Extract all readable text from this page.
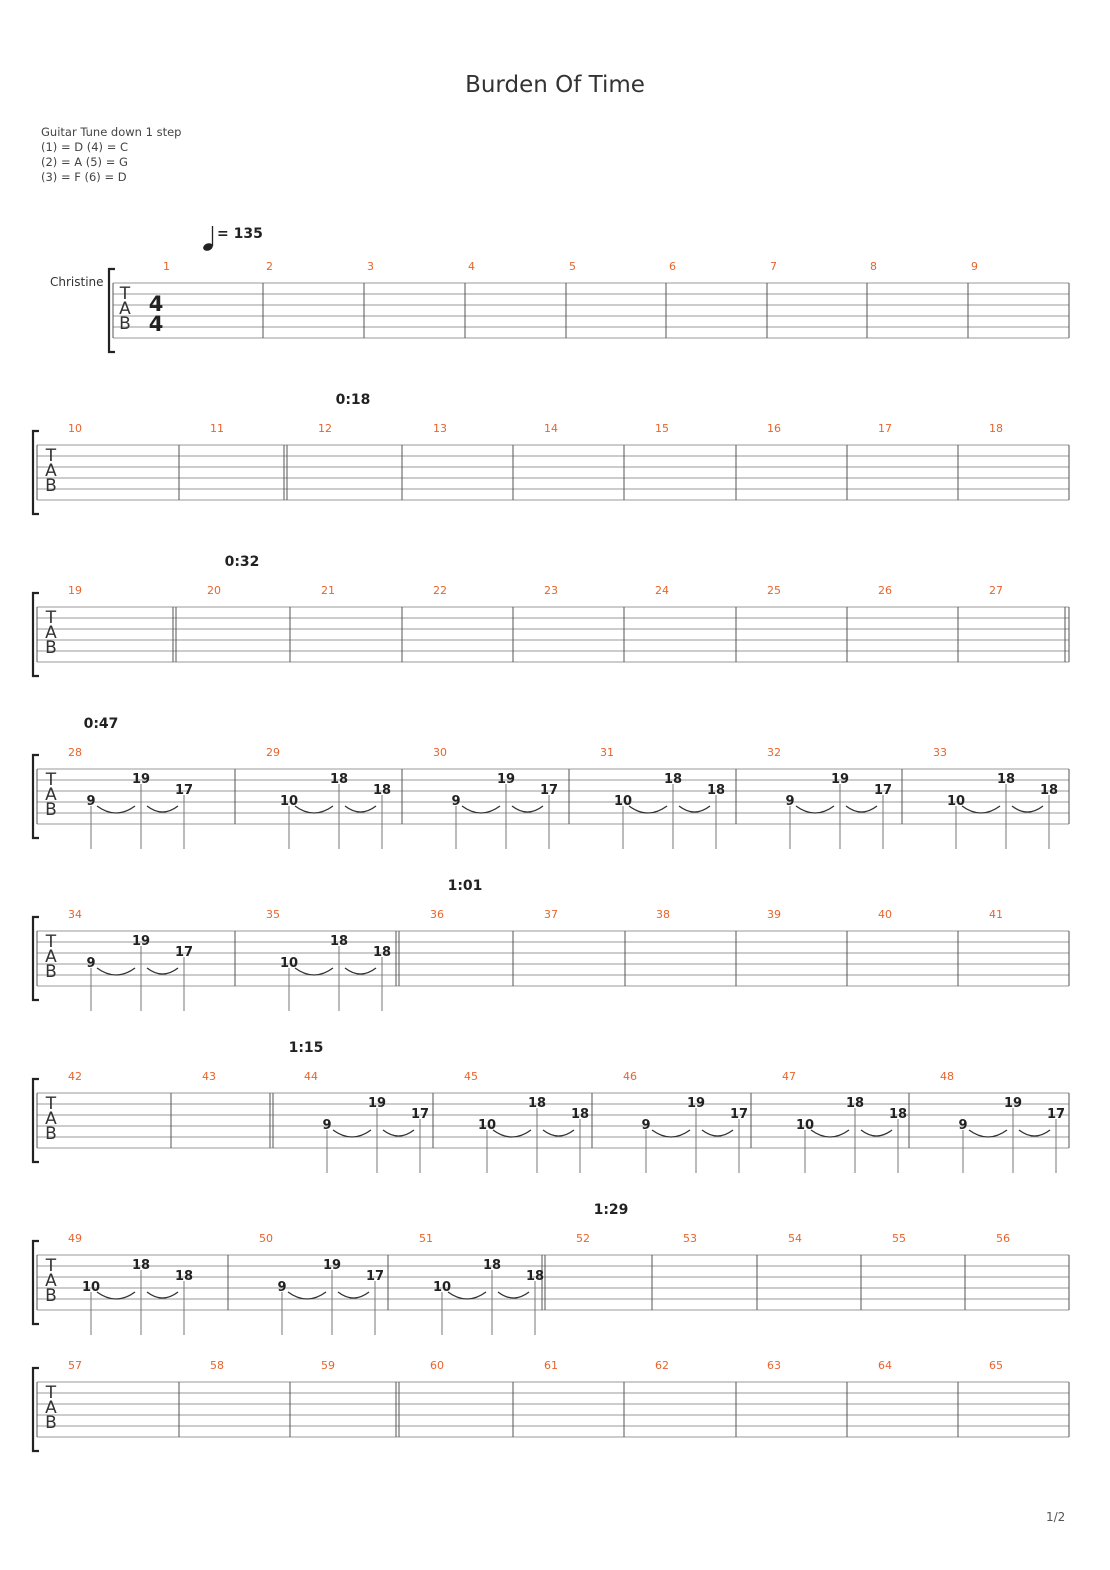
Burden Of Time
Guitar Tune down 1 step
(1) = D (4) = C
(2) = A (5) = G
(3) = F (6) = D
T
A
B
1	2	3	4	5	6	7	8	9
T
A
B
10	11	12	13	14	15	16	17	18
0:18
T
A
B
19	20	21	22	23	24	25	26	27
0:32
T
A
B
28	29	30	31	32	33
0:47
9
19
17
10
18
18
9
19
17
10
18
18
9
19
17
10
18
18
T
A
B
34	35	36	37	38	39	40	41
1:01
9
19
17
10
18
18
T
A
B
42	43	44	45	46	47	48
1:15
9
19
17
10
18
18
9
19
17
10
18
18
9
19
17
T
A
B
49	50	51	52	53	54	55	56
1:29
10
18
18
9
19
17
10
18
18
T
A
B
57	58	59	60	61	62	63	64	65
Christine
4
4
= 135
1/2
